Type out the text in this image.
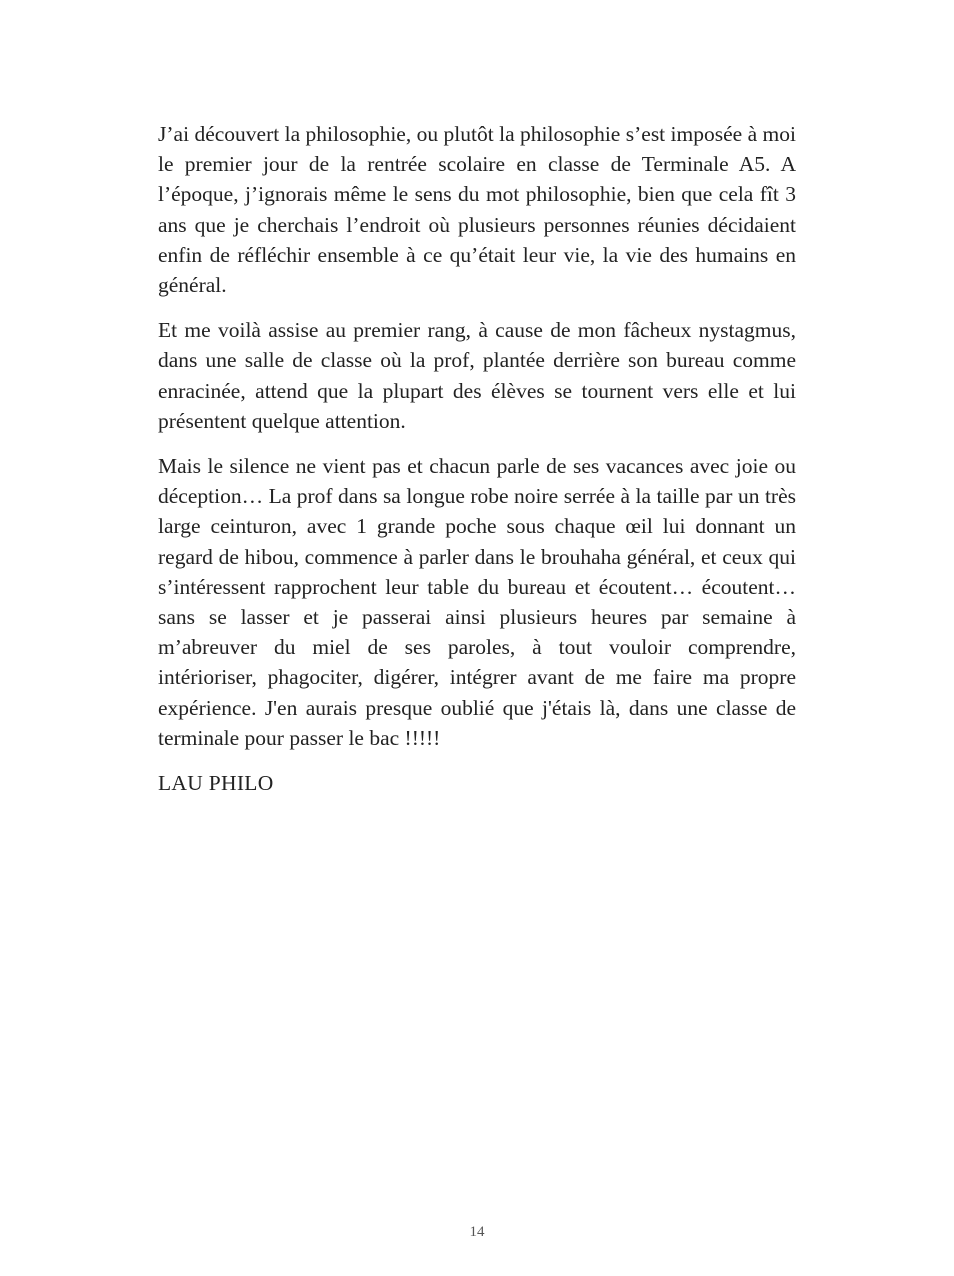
J’ai découvert la philosophie, ou plutôt la philosophie s’est imposée à moi le premier jour de la rentrée scolaire en classe de Terminale A5. A l’époque, j’ignorais même le sens du mot philosophie, bien que cela fît 3 ans que je cherchais l’endroit où plusieurs personnes réunies décidaient enfin de réfléchir ensemble à ce qu’était leur vie, la vie des humains en général.

Et me voilà assise au premier rang, à cause de mon fâcheux nystagmus, dans une salle de classe où la prof, plantée derrière son bureau comme enracinée, attend que la plupart des élèves se tournent vers elle et lui présentent quelque attention.

Mais le silence ne vient pas et chacun parle de ses vacances avec joie ou déception… La prof dans sa longue robe noire serrée à la taille par un très large ceinturon, avec 1 grande poche sous chaque œil lui donnant un regard de hibou, commence à parler dans le brouhaha général, et ceux qui s’intéressent rapprochent leur table du bureau et écoutent… écoutent… sans se lasser et je passerai ainsi plusieurs heures par semaine à m’abreuver du miel de ses paroles, à tout vouloir comprendre, intérioriser, phagociter, digérer, intégrer avant de me faire ma propre expérience. J'en aurais presque oublié que j'étais là, dans une classe de terminale pour passer le bac !!!!!

LAU PHILO

14
